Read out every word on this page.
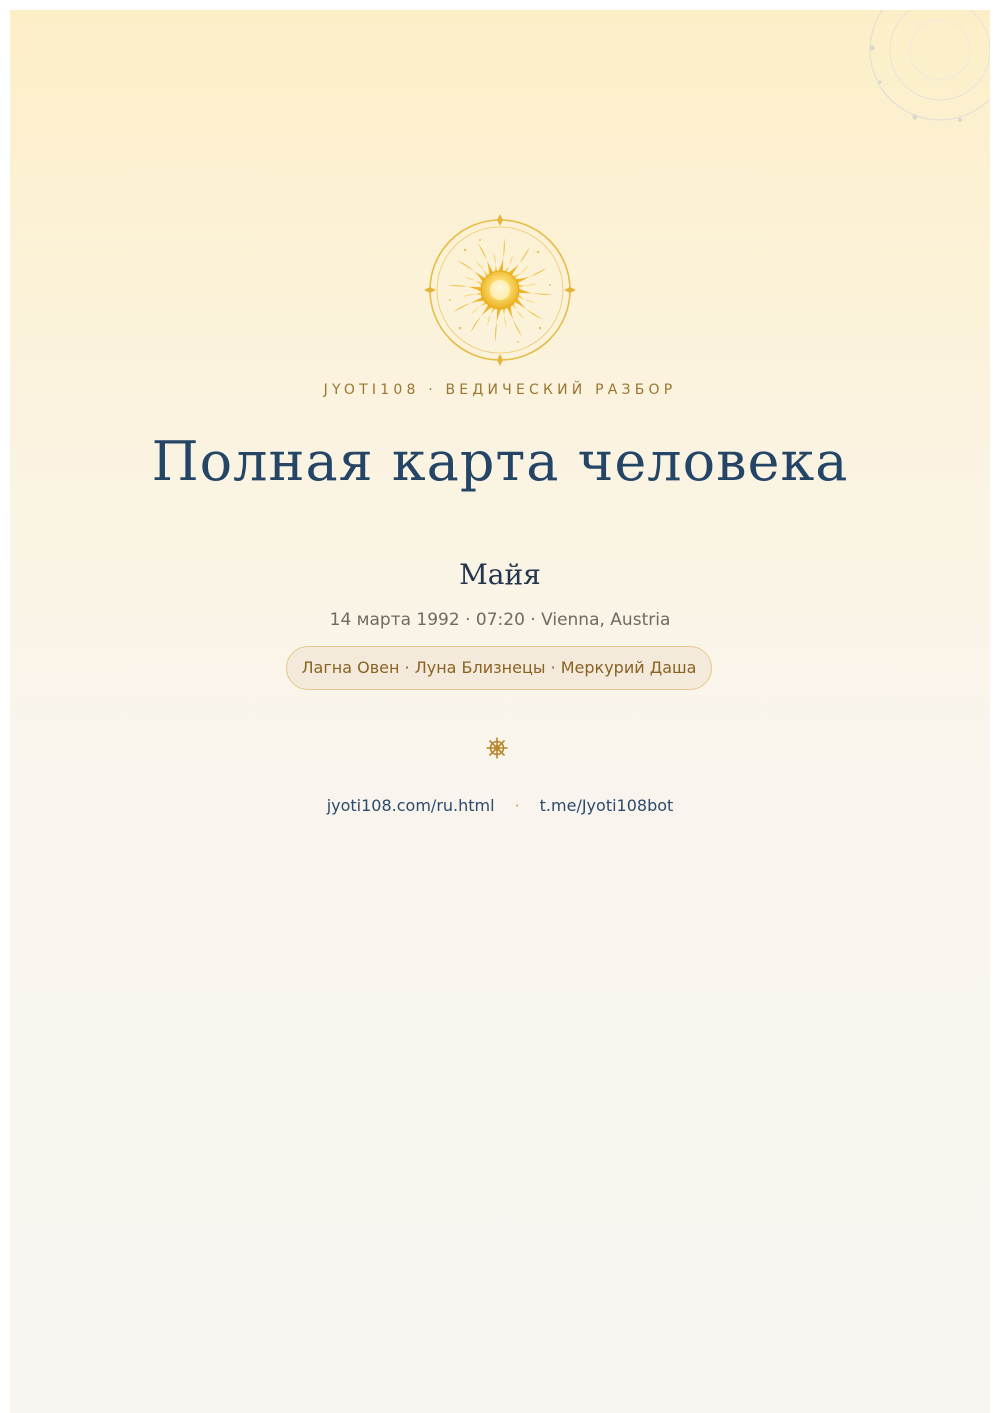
JYOTI108 · ВЕДИЧЕСКИЙ РАЗБОР
Полная карта человека
Майя
14 марта 1992 · 07:20 · Vienna, Austria
Лагна Овен · Луна Близнецы · Меркурий Даша
jyoti108.com/ru.html · t.me/Jyoti108bot
